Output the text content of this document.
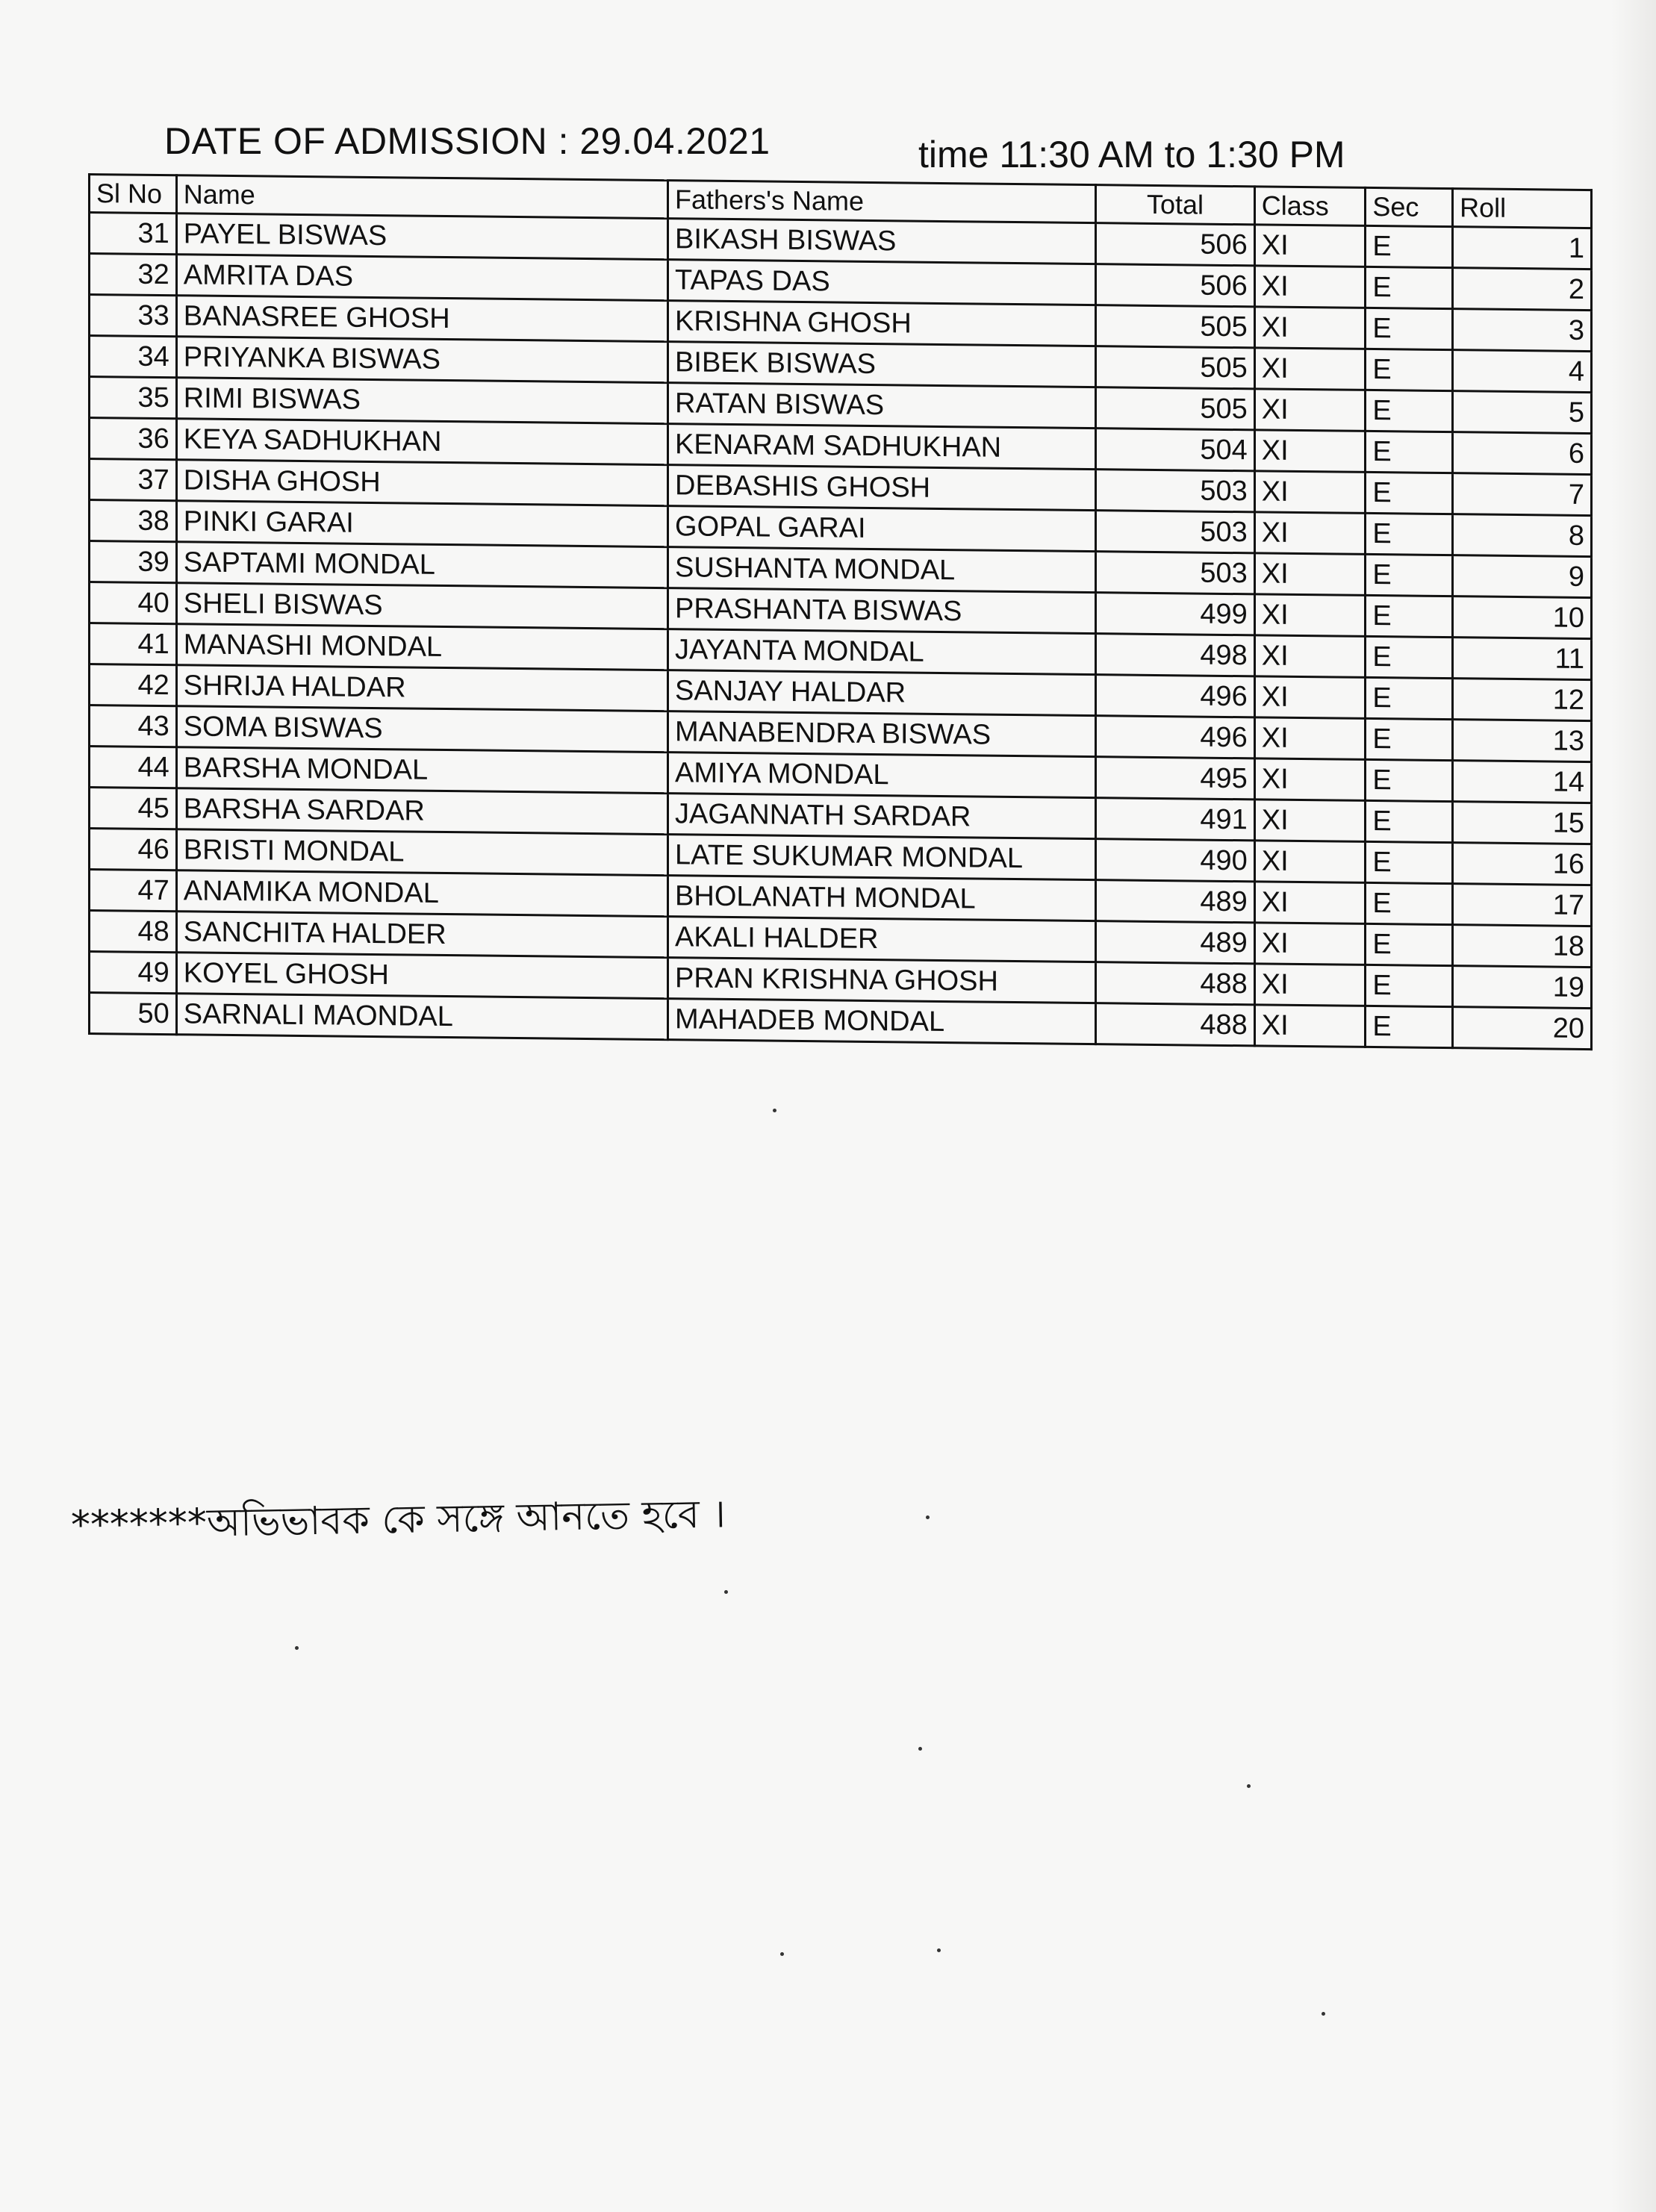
DATE OF ADMISSION : 29.04.2021	time 11:30 AM to 1:30 PM
Sl No	Name	Fathers's Name	Total	Class	Sec	Roll
31	PAYEL BISWAS	BIKASH BISWAS	506	XI	E	1
32	AMRITA DAS	TAPAS DAS	506	XI	E	2
33	BANASREE GHOSH	KRISHNA GHOSH	505	XI	E	3
34	PRIYANKA BISWAS	BIBEK BISWAS	505	XI	E	4
35	RIMI BISWAS	RATAN BISWAS	505	XI	E	5
36	KEYA SADHUKHAN	KENARAM SADHUKHAN	504	XI	E	6
37	DISHA GHOSH	DEBASHIS GHOSH	503	XI	E	7
38	PINKI GARAI	GOPAL GARAI	503	XI	E	8
39	SAPTAMI MONDAL	SUSHANTA MONDAL	503	XI	E	9
40	SHELI BISWAS	PRASHANTA BISWAS	499	XI	E	10
41	MANASHI MONDAL	JAYANTA MONDAL	498	XI	E	11
42	SHRIJA HALDAR	SANJAY HALDAR	496	XI	E	12
43	SOMA BISWAS	MANABENDRA BISWAS	496	XI	E	13
44	BARSHA MONDAL	AMIYA MONDAL	495	XI	E	14
45	BARSHA SARDAR	JAGANNATH SARDAR	491	XI	E	15
46	BRISTI MONDAL	LATE SUKUMAR MONDAL	490	XI	E	16
47	ANAMIKA MONDAL	BHOLANATH MONDAL	489	XI	E	17
48	SANCHITA HALDER	AKALI HALDER	489	XI	E	18
49	KOYEL GHOSH	PRAN KRISHNA GHOSH	488	XI	E	19
50	SARNALI MAONDAL	MAHADEB MONDAL	488	XI	E	20
*******অভিভাবক কে সঙ্গে আনতে হবে ।
